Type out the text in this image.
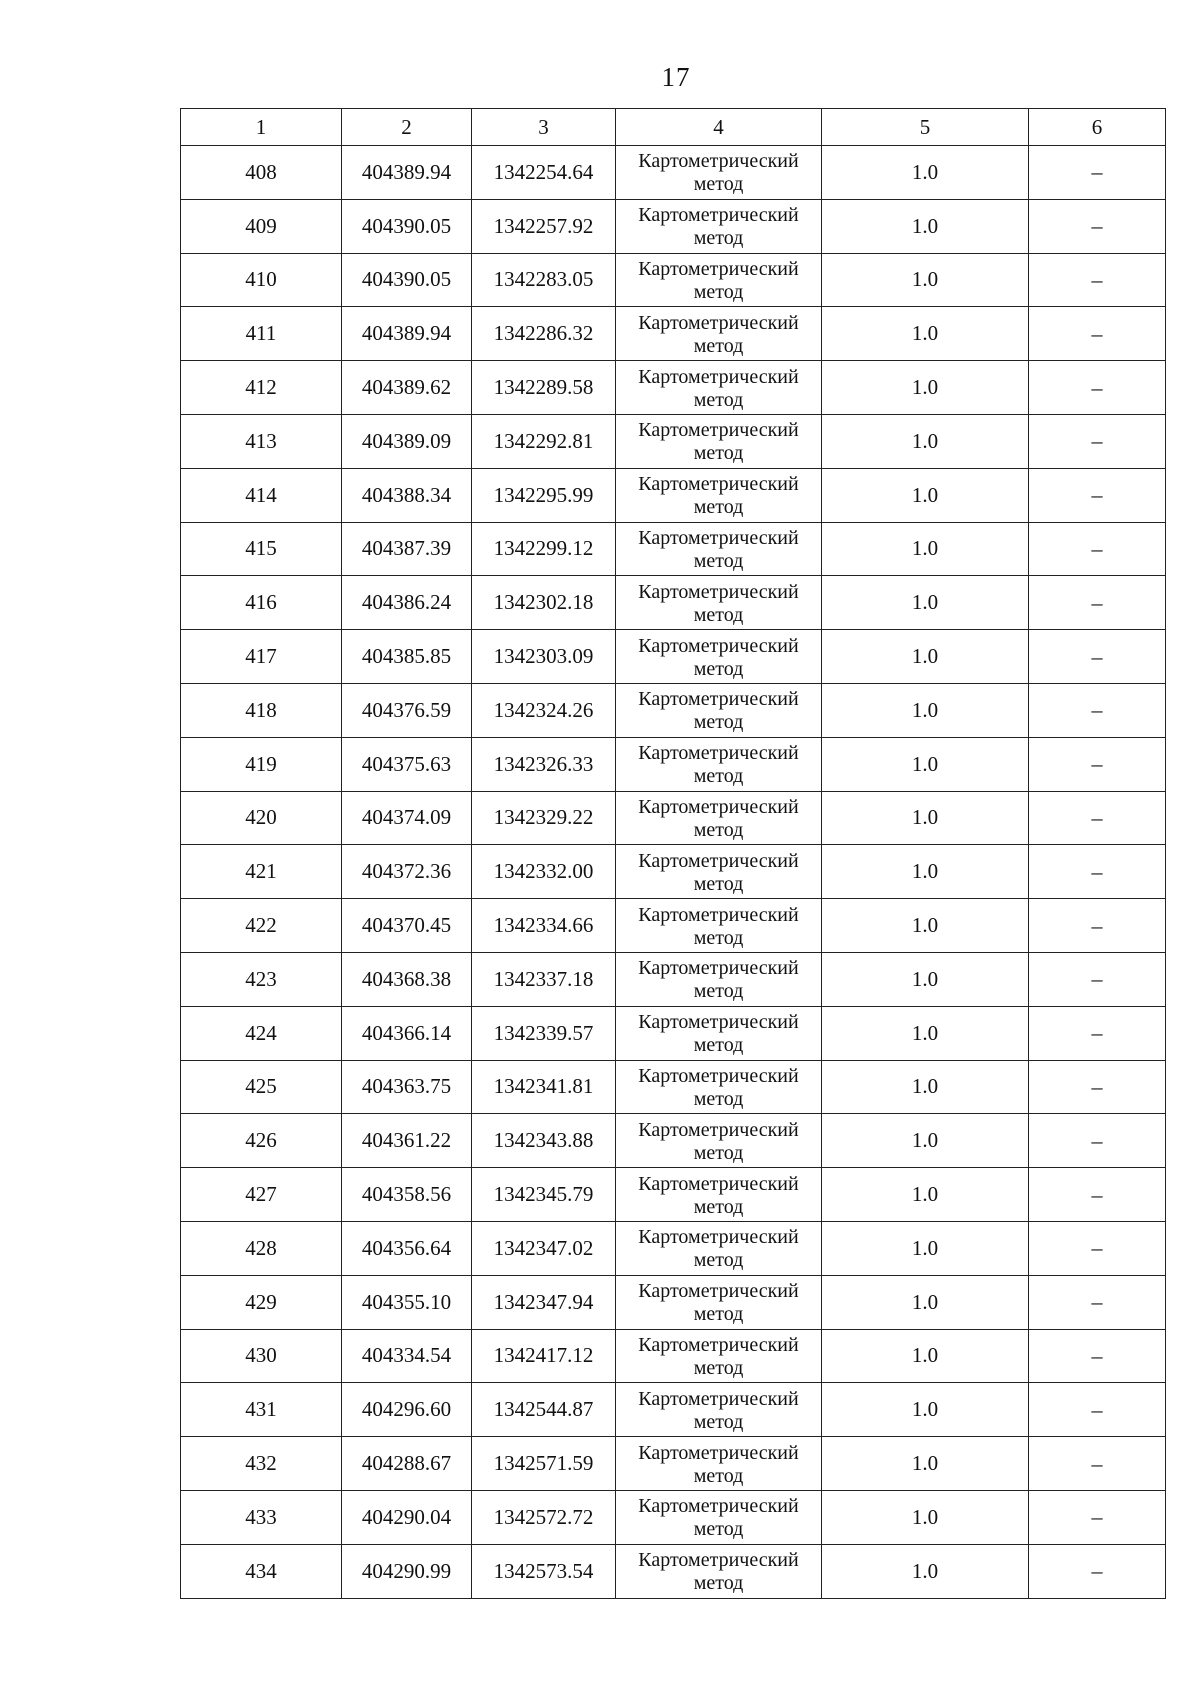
17
1	2	3	4	5	6
408	404389.94	1342254.64	Картометрический метод	1.0	–
409	404390.05	1342257.92	Картометрический метод	1.0	–
410	404390.05	1342283.05	Картометрический метод	1.0	–
411	404389.94	1342286.32	Картометрический метод	1.0	–
412	404389.62	1342289.58	Картометрический метод	1.0	–
413	404389.09	1342292.81	Картометрический метод	1.0	–
414	404388.34	1342295.99	Картометрический метод	1.0	–
415	404387.39	1342299.12	Картометрический метод	1.0	–
416	404386.24	1342302.18	Картометрический метод	1.0	–
417	404385.85	1342303.09	Картометрический метод	1.0	–
418	404376.59	1342324.26	Картометрический метод	1.0	–
419	404375.63	1342326.33	Картометрический метод	1.0	–
420	404374.09	1342329.22	Картометрический метод	1.0	–
421	404372.36	1342332.00	Картометрический метод	1.0	–
422	404370.45	1342334.66	Картометрический метод	1.0	–
423	404368.38	1342337.18	Картометрический метод	1.0	–
424	404366.14	1342339.57	Картометрический метод	1.0	–
425	404363.75	1342341.81	Картометрический метод	1.0	–
426	404361.22	1342343.88	Картометрический метод	1.0	–
427	404358.56	1342345.79	Картометрический метод	1.0	–
428	404356.64	1342347.02	Картометрический метод	1.0	–
429	404355.10	1342347.94	Картометрический метод	1.0	–
430	404334.54	1342417.12	Картометрический метод	1.0	–
431	404296.60	1342544.87	Картометрический метод	1.0	–
432	404288.67	1342571.59	Картометрический метод	1.0	–
433	404290.04	1342572.72	Картометрический метод	1.0	–
434	404290.99	1342573.54	Картометрический метод	1.0	–
